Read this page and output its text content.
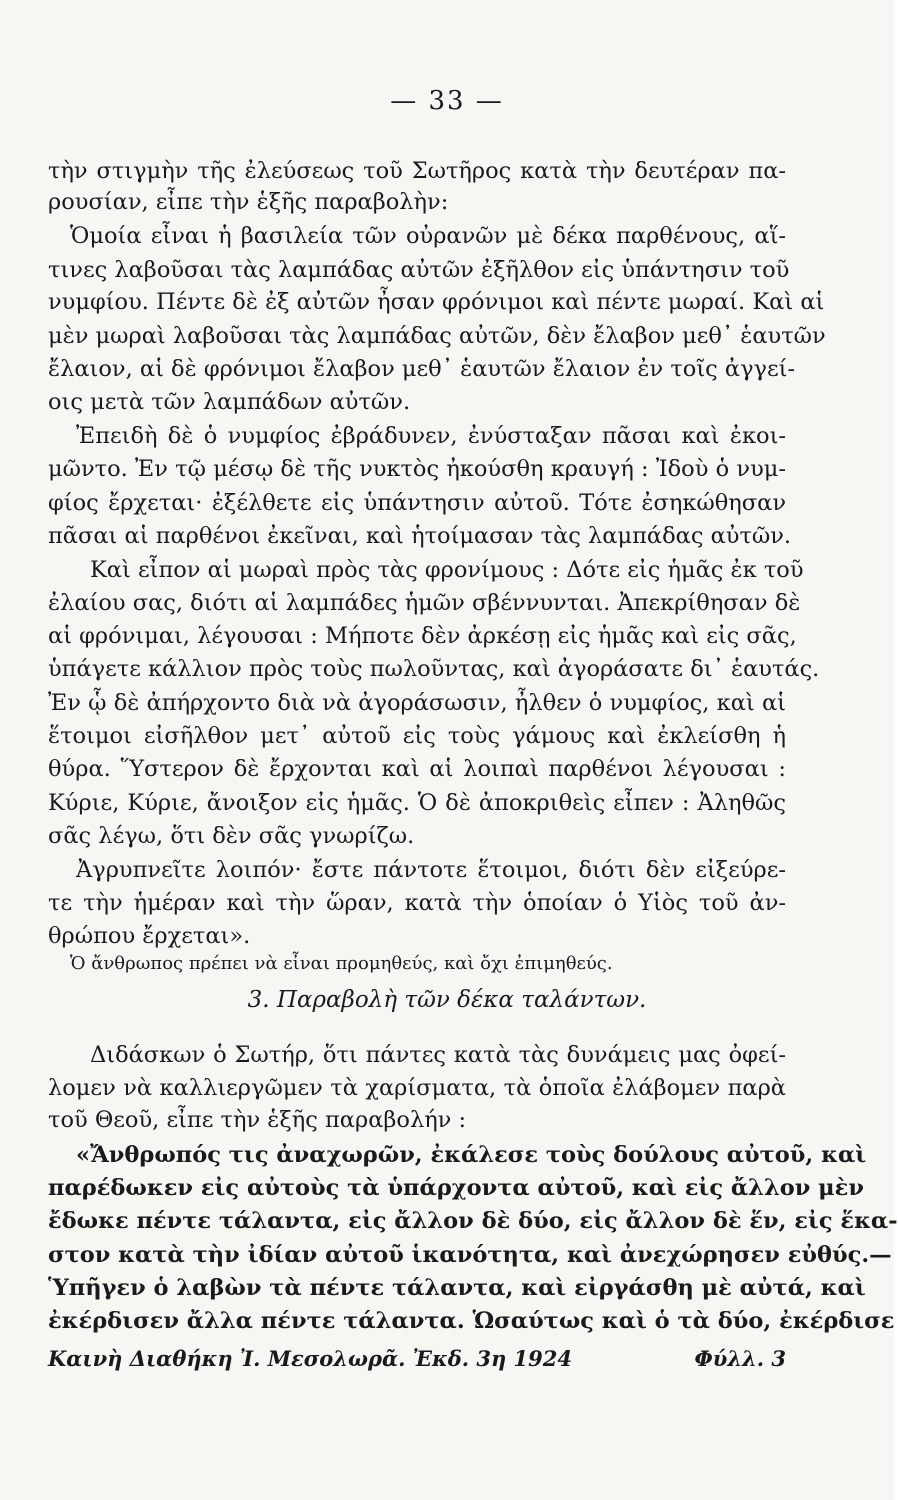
— 33 —
τὴν στιγμὴν τῆς ἐλεύσεως τοῦ Σωτῆρος κατὰ τὴν δευτέραν πα-
ρουσίαν, εἶπε τὴν ἑξῆς παραβολὴν:
Ὁμοία εἶναι ἡ βασιλεία τῶν οὐρανῶν μὲ δέκα παρθένους, αἵ-
τινες λαβοῦσαι τὰς λαμπάδας αὐτῶν ἐξῆλθον εἰς ὑπάντησιν τοῦ
νυμφίου. Πέντε δὲ ἐξ αὐτῶν ἦσαν φρόνιμοι καὶ πέντε μωραί. Καὶ αἱ
μὲν μωραὶ λαβοῦσαι τὰς λαμπάδας αὐτῶν, δὲν ἔλαβον μεθ᾽ ἑαυτῶν
ἔλαιον, αἱ δὲ φρόνιμοι ἔλαβον μεθ᾽ ἑαυτῶν ἔλαιον ἐν τοῖς ἀγγεί-
οις μετὰ τῶν λαμπάδων αὐτῶν.
Ἐπειδὴ δὲ ὁ νυμφίος ἐβράδυνεν, ἐνύσταξαν πᾶσαι καὶ ἐκοι-
μῶντο. Ἐν τῷ μέσῳ δὲ τῆς νυκτὸς ἠκούσθη κραυγή : Ἰδοὺ ὁ νυμ-
φίος ἔρχεται· ἐξέλθετε εἰς ὑπάντησιν αὐτοῦ. Τότε ἐσηκώθησαν
πᾶσαι αἱ παρθένοι ἐκεῖναι, καὶ ἡτοίμασαν τὰς λαμπάδας αὐτῶν.
Καὶ εἶπον αἱ μωραὶ πρὸς τὰς φρονίμους : Δότε εἰς ἡμᾶς ἐκ τοῦ
ἐλαίου σας, διότι αἱ λαμπάδες ἡμῶν σβέννυνται. Ἀπεκρίθησαν δὲ
αἱ φρόνιμαι, λέγουσαι : Μήποτε δὲν ἀρκέσῃ εἰς ἡμᾶς καὶ εἰς σᾶς,
ὑπάγετε κάλλιον πρὸς τοὺς πωλοῦντας, καὶ ἀγοράσατε δι᾽ ἑαυτάς.
Ἐν ᾧ δὲ ἀπήρχοντο διὰ νὰ ἀγοράσωσιν, ἦλθεν ὁ νυμφίος, καὶ αἱ
ἕτοιμοι εἰσῆλθον μετ᾽ αὐτοῦ εἰς τοὺς γάμους καὶ ἐκλείσθη ἡ
θύρα. Ὕστερον δὲ ἔρχονται καὶ αἱ λοιπαὶ παρθένοι λέγουσαι :
Κύριε, Κύριε, ἄνοιξον εἰς ἡμᾶς. Ὁ δὲ ἀποκριθεὶς εἶπεν : Ἀληθῶς
σᾶς λέγω, ὅτι δὲν σᾶς γνωρίζω.
Ἀγρυπνεῖτε λοιπόν· ἔστε πάντοτε ἕτοιμοι, διότι δὲν εἰξεύρε-
τε τὴν ἡμέραν καὶ τὴν ὥραν, κατὰ τὴν ὁποίαν ὁ Υἱὸς τοῦ ἀν-
θρώπου ἔρχεται».
Ὁ ἄνθρωπος πρέπει νὰ εἶναι προμηθεύς, καὶ ὄχι ἐπιμηθεύς.
3. Παραβολὴ τῶν δέκα ταλάντων.
Διδάσκων ὁ Σωτήρ, ὅτι πάντες κατὰ τὰς δυνάμεις μας ὀφεί-
λομεν νὰ καλλιεργῶμεν τὰ χαρίσματα, τὰ ὁποῖα ἐλάβομεν παρὰ
τοῦ Θεοῦ, εἶπε τὴν ἑξῆς παραβολήν :
«Ἄνθρωπός τις ἀναχωρῶν, ἐκάλεσε τοὺς δούλους αὐτοῦ, καὶ
παρέδωκεν εἰς αὐτοὺς τὰ ὑπάρχοντα αὐτοῦ, καὶ εἰς ἄλλον μὲν
ἔδωκε πέντε τάλαντα, εἰς ἄλλον δὲ δύο, εἰς ἄλλον δὲ ἕν, εἰς ἕκα-
στον κατὰ τὴν ἰδίαν αὐτοῦ ἱκανότητα, καὶ ἀνεχώρησεν εὐθύς.—
Ὑπῆγεν ὁ λαβὼν τὰ πέντε τάλαντα, καὶ εἰργάσθη μὲ αὐτά, καὶ
ἐκέρδισεν ἄλλα πέντε τάλαντα. Ὡσαύτως καὶ ὁ τὰ δύο, ἐκέρδισε
Καινὴ Διαθήκη Ἰ. Μεσολωρᾶ. Ἐκδ. 3η 1924	Φύλλ. 3
